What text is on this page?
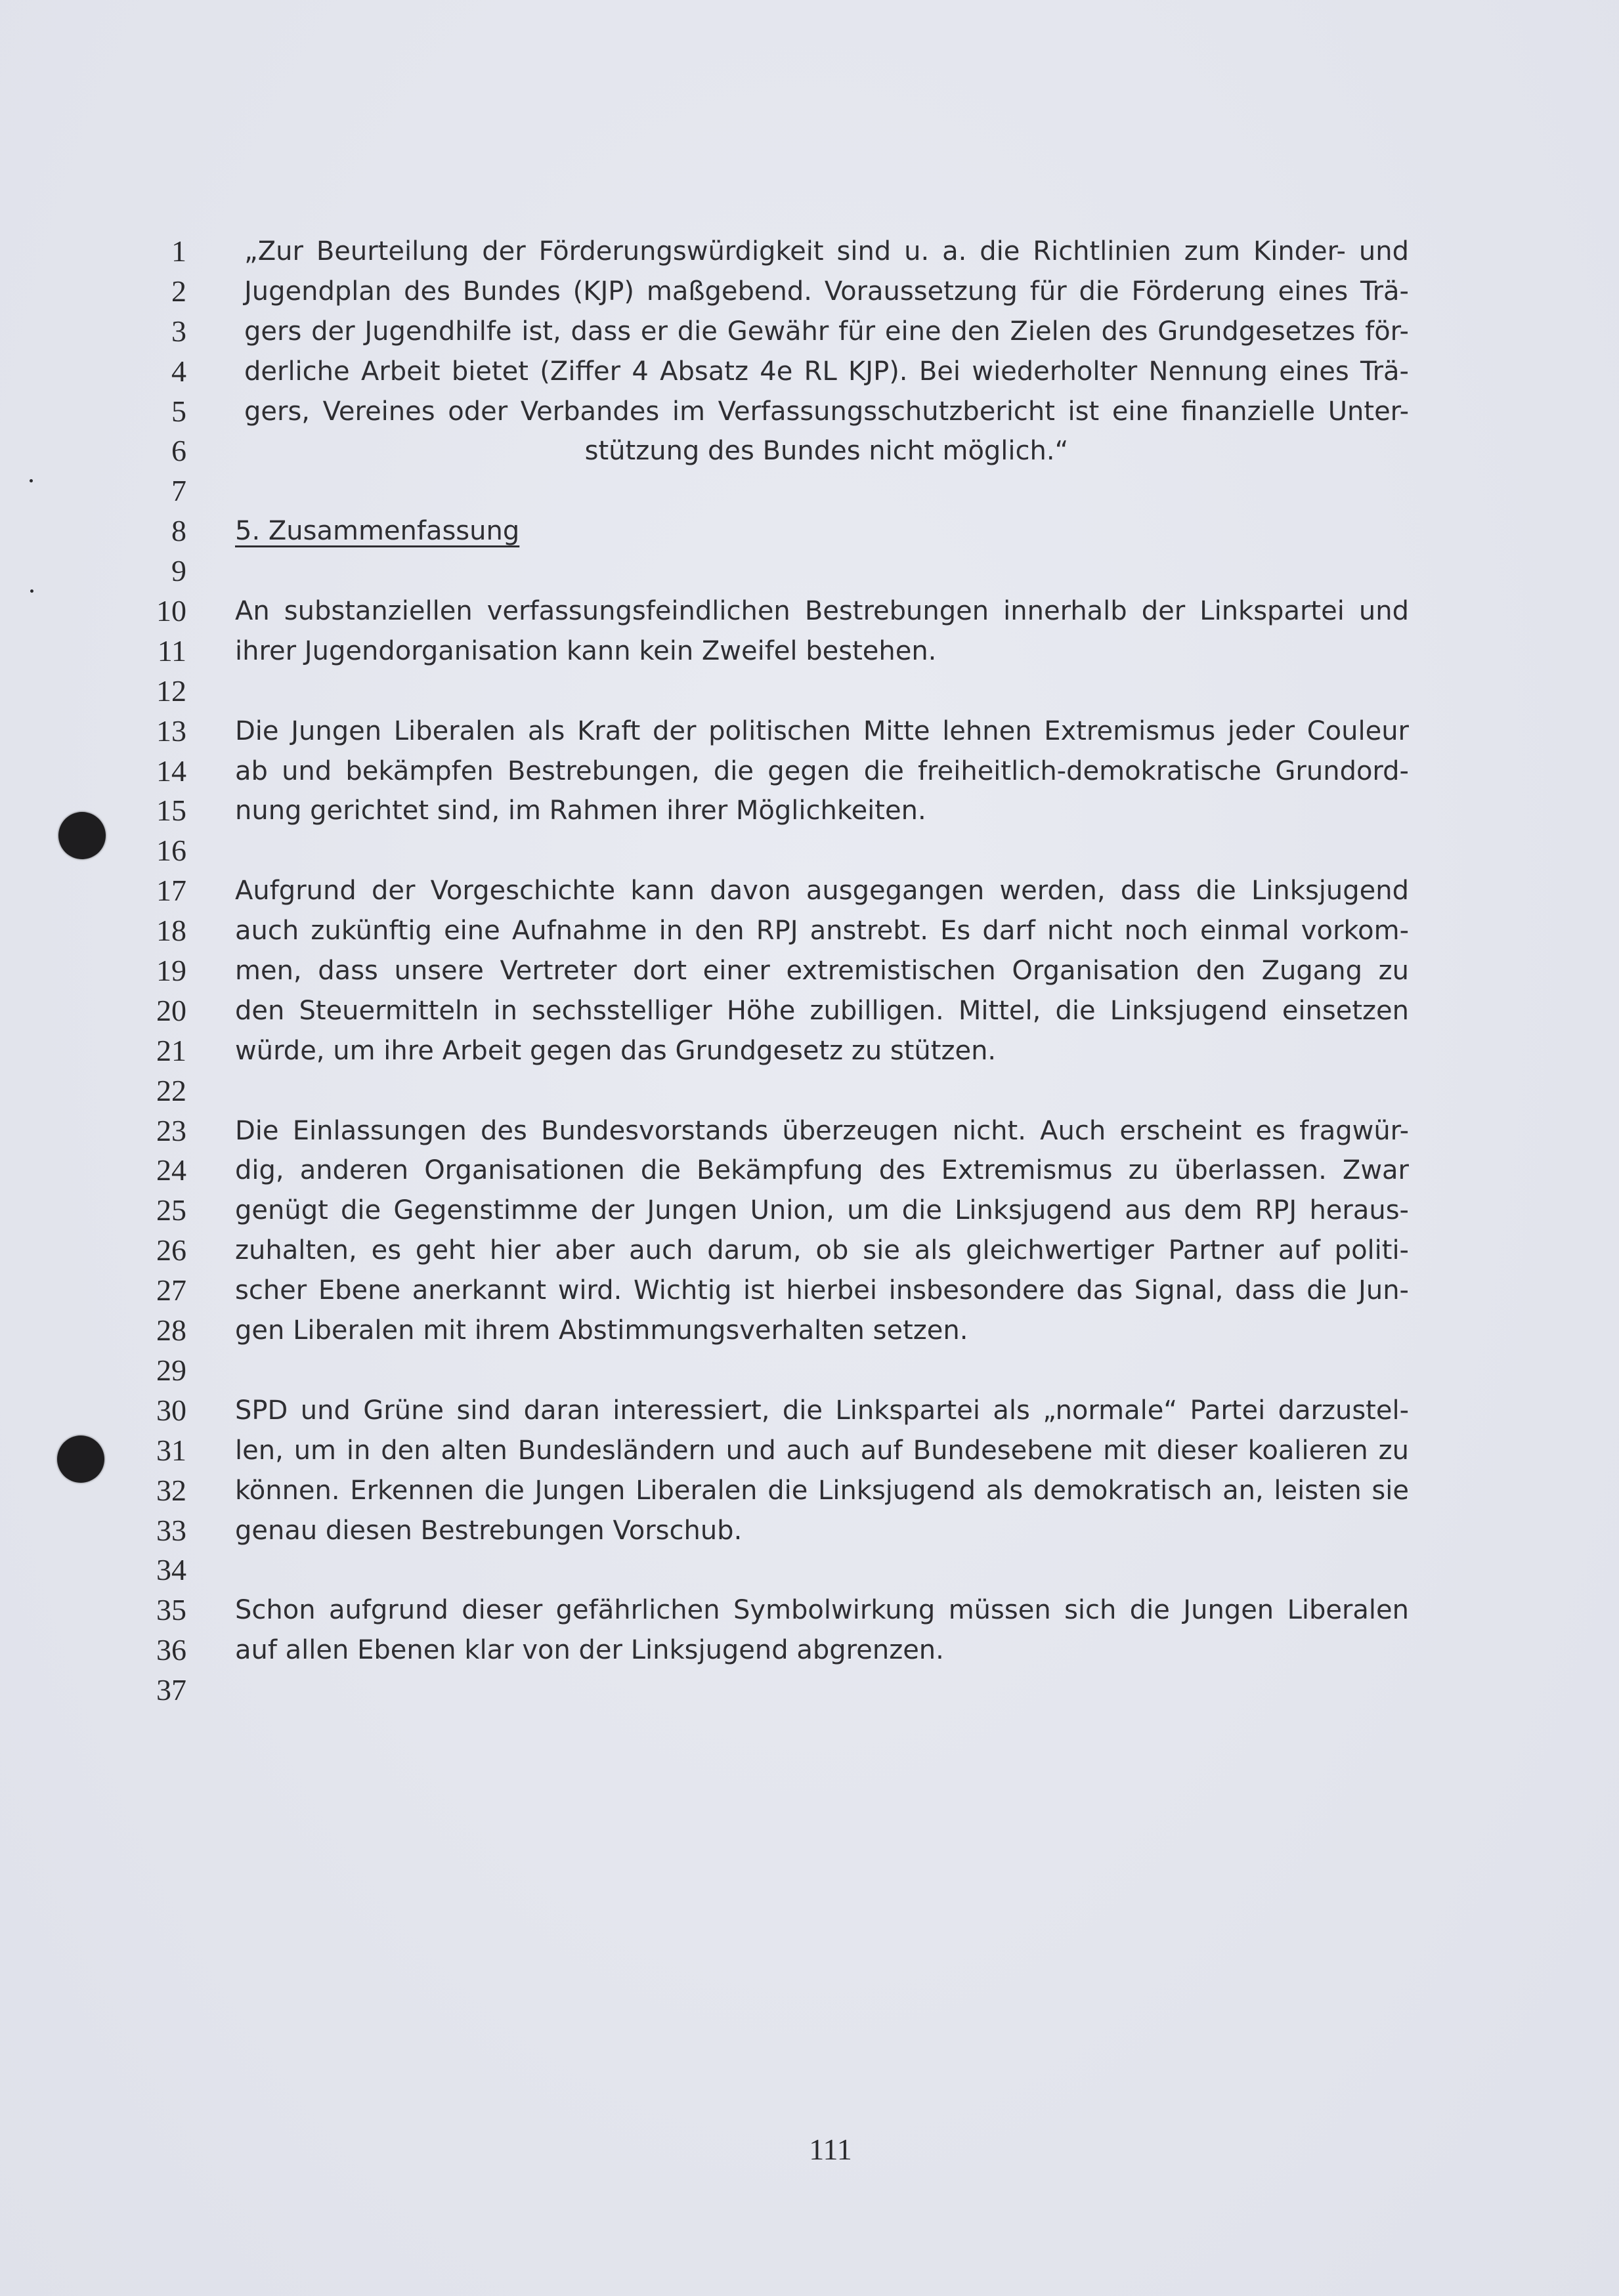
1 „Zur Beurteilung der Förderungswürdigkeit sind u. a. die Richtlinien zum Kinder- und
2 Jugendplan des Bundes (KJP) maßgebend. Voraussetzung für die Förderung eines Trä-
3 gers der Jugendhilfe ist, dass er die Gewähr für eine den Zielen des Grundgesetzes för-
4 derliche Arbeit bietet (Ziffer 4 Absatz 4e RL KJP). Bei wiederholter Nennung eines Trä-
5 gers, Vereines oder Verbandes im Verfassungsschutzbericht ist eine finanzielle Unter-
6	stützung des Bundes nicht möglich.“
7
8 5. Zusammenfassung
9
10 An substanziellen verfassungsfeindlichen Bestrebungen innerhalb der Linkspartei und
11 ihrer Jugendorganisation kann kein Zweifel bestehen.
12
13 Die Jungen Liberalen als Kraft der politischen Mitte lehnen Extremismus jeder Couleur
14 ab und bekämpfen Bestrebungen, die gegen die freiheitlich-demokratische Grundord-
15 nung gerichtet sind, im Rahmen ihrer Möglichkeiten.
16
17 Aufgrund der Vorgeschichte kann davon ausgegangen werden, dass die Linksjugend
18 auch zukünftig eine Aufnahme in den RPJ anstrebt. Es darf nicht noch einmal vorkom-
19 men, dass unsere Vertreter dort einer extremistischen Organisation den Zugang zu
20 den Steuermitteln in sechsstelliger Höhe zubilligen. Mittel, die Linksjugend einsetzen
21 würde, um ihre Arbeit gegen das Grundgesetz zu stützen.
22
23 Die Einlassungen des Bundesvorstands überzeugen nicht. Auch erscheint es fragwür-
24 dig, anderen Organisationen die Bekämpfung des Extremismus zu überlassen. Zwar
25 genügt die Gegenstimme der Jungen Union, um die Linksjugend aus dem RPJ heraus-
26 zuhalten, es geht hier aber auch darum, ob sie als gleichwertiger Partner auf politi-
27 scher Ebene anerkannt wird. Wichtig ist hierbei insbesondere das Signal, dass die Jun-
28 gen Liberalen mit ihrem Abstimmungsverhalten setzen.
29
30 SPD und Grüne sind daran interessiert, die Linkspartei als „normale“ Partei darzustel-
31 len, um in den alten Bundesländern und auch auf Bundesebene mit dieser koalieren zu
32 können. Erkennen die Jungen Liberalen die Linksjugend als demokratisch an, leisten sie
33 genau diesen Bestrebungen Vorschub.
34
35 Schon aufgrund dieser gefährlichen Symbolwirkung müssen sich die Jungen Liberalen
36 auf allen Ebenen klar von der Linksjugend abgrenzen.
37
111
